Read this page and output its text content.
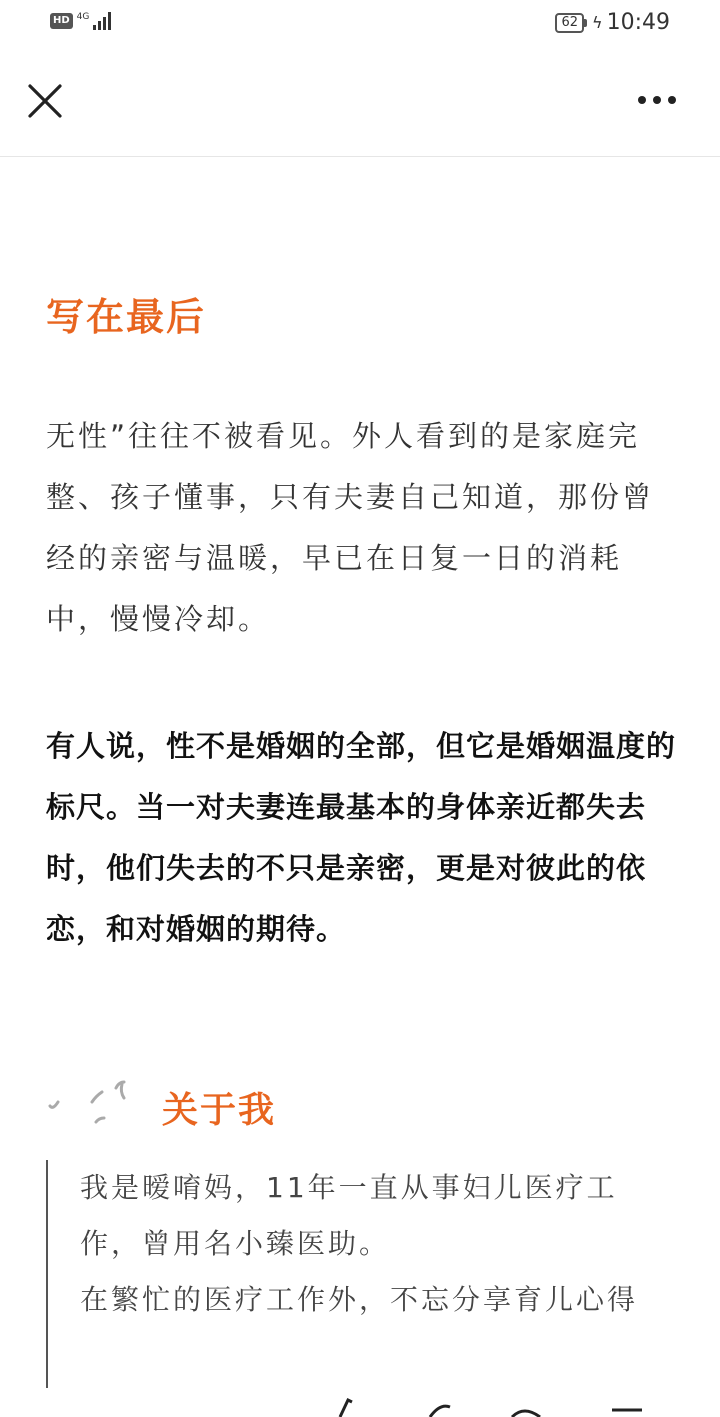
HD 4G	62 ϟ 10:49
写在最后

无性”往往不被看见。外人看到的是家庭完整、孩子懂事，只有夫妻自己知道，那份曾经的亲密与温暖，早已在日复一日的消耗中，慢慢冷却。

有人说，性不是婚姻的全部，但它是婚姻温度的标尺。当一对夫妻连最基本的身体亲近都失去时，他们失去的不只是亲密，更是对彼此的依恋，和对婚姻的期待。

关于我

我是暧唷妈，11年一直从事妇儿医疗工作，曾用名小臻医助。

在繁忙的医疗工作外，不忘分享育儿心得
